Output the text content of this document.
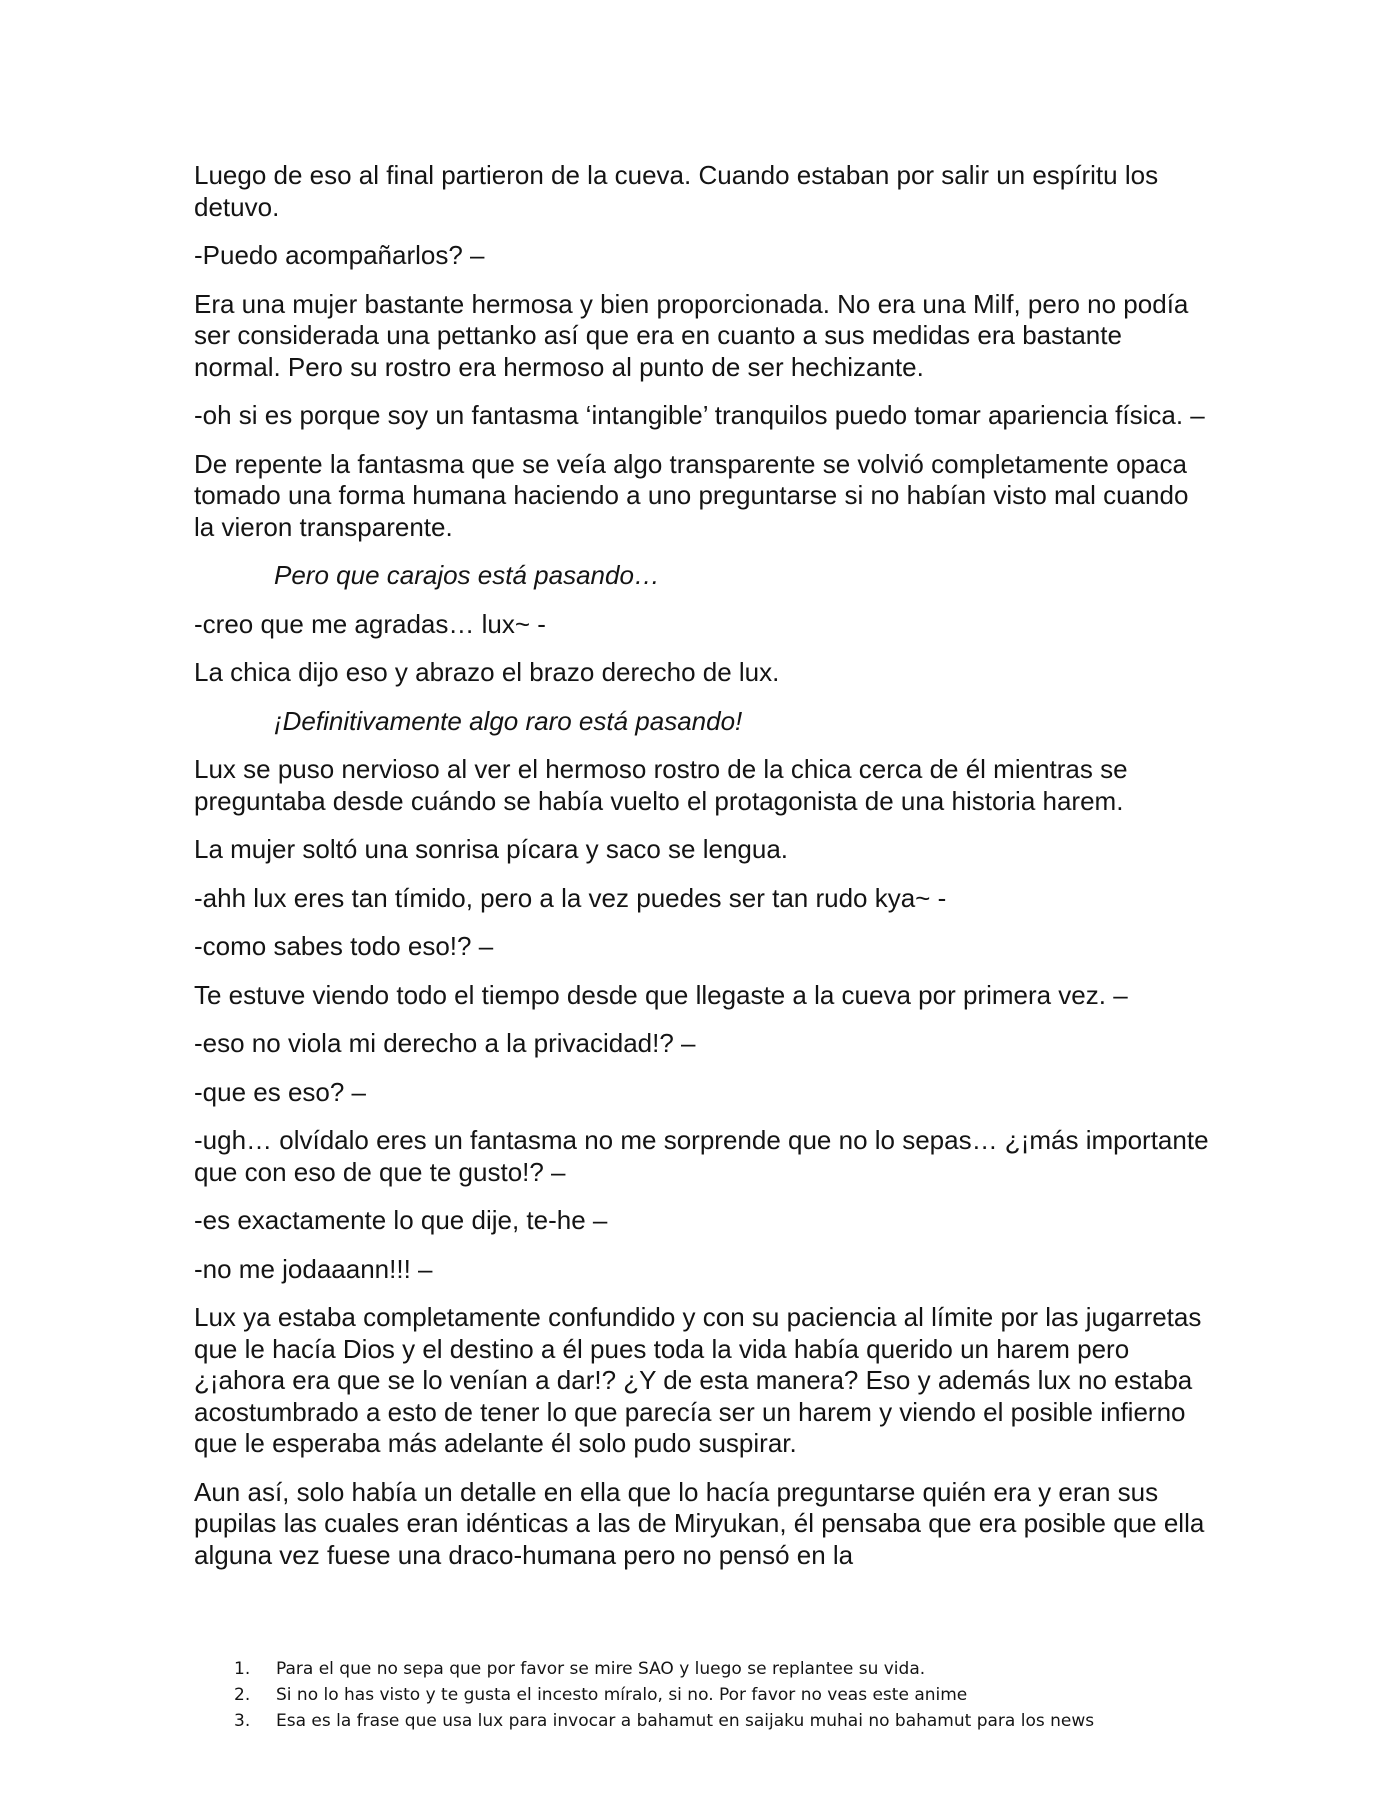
Luego de eso al final partieron de la cueva. Cuando estaban por salir un espíritu los detuvo.

-Puedo acompañarlos? –

Era una mujer bastante hermosa y bien proporcionada. No era una Milf, pero no podía ser considerada una pettanko así que era en cuanto a sus medidas era bastante normal. Pero su rostro era hermoso al punto de ser hechizante.

-oh si es porque soy un fantasma ‘intangible’ tranquilos puedo tomar apariencia física. –

De repente la fantasma que se veía algo transparente se volvió completamente opaca tomado una forma humana haciendo a uno preguntarse si no habían visto mal cuando la vieron transparente.

Pero que carajos está pasando…

-creo que me agradas… lux~ -

La chica dijo eso y abrazo el brazo derecho de lux.

¡Definitivamente algo raro está pasando!

Lux se puso nervioso al ver el hermoso rostro de la chica cerca de él mientras se preguntaba desde cuándo se había vuelto el protagonista de una historia harem.

La mujer soltó una sonrisa pícara y saco se lengua.

-ahh lux eres tan tímido, pero a la vez puedes ser tan rudo kya~ -

-como sabes todo eso!? –

Te estuve viendo todo el tiempo desde que llegaste a la cueva por primera vez. –

-eso no viola mi derecho a la privacidad!? –

-que es eso? –

-ugh… olvídalo eres un fantasma no me sorprende que no lo sepas… ¿¡más importante que con eso de que te gusto!? –

-es exactamente lo que dije, te-he –

-no me jodaaann!!! –

Lux ya estaba completamente confundido y con su paciencia al límite por las jugarretas que le hacía Dios y el destino a él pues toda la vida había querido un harem pero ¿¡ahora era que se lo venían a dar!? ¿Y de esta manera? Eso y además lux no estaba acostumbrado a esto de tener lo que parecía ser un harem y viendo el posible infierno que le esperaba más adelante él solo pudo suspirar.

Aun así, solo había un detalle en ella que lo hacía preguntarse quién era y eran sus pupilas las cuales eran idénticas a las de Miryukan, él pensaba que era posible que ella alguna vez fuese una draco-humana pero no pensó en la

1.	Para el que no sepa que por favor se mire SAO y luego se replantee su vida.
2.	Si no lo has visto y te gusta el incesto míralo, si no. Por favor no veas este anime
3.	Esa es la frase que usa lux para invocar a bahamut en saijaku muhai no bahamut para los news
